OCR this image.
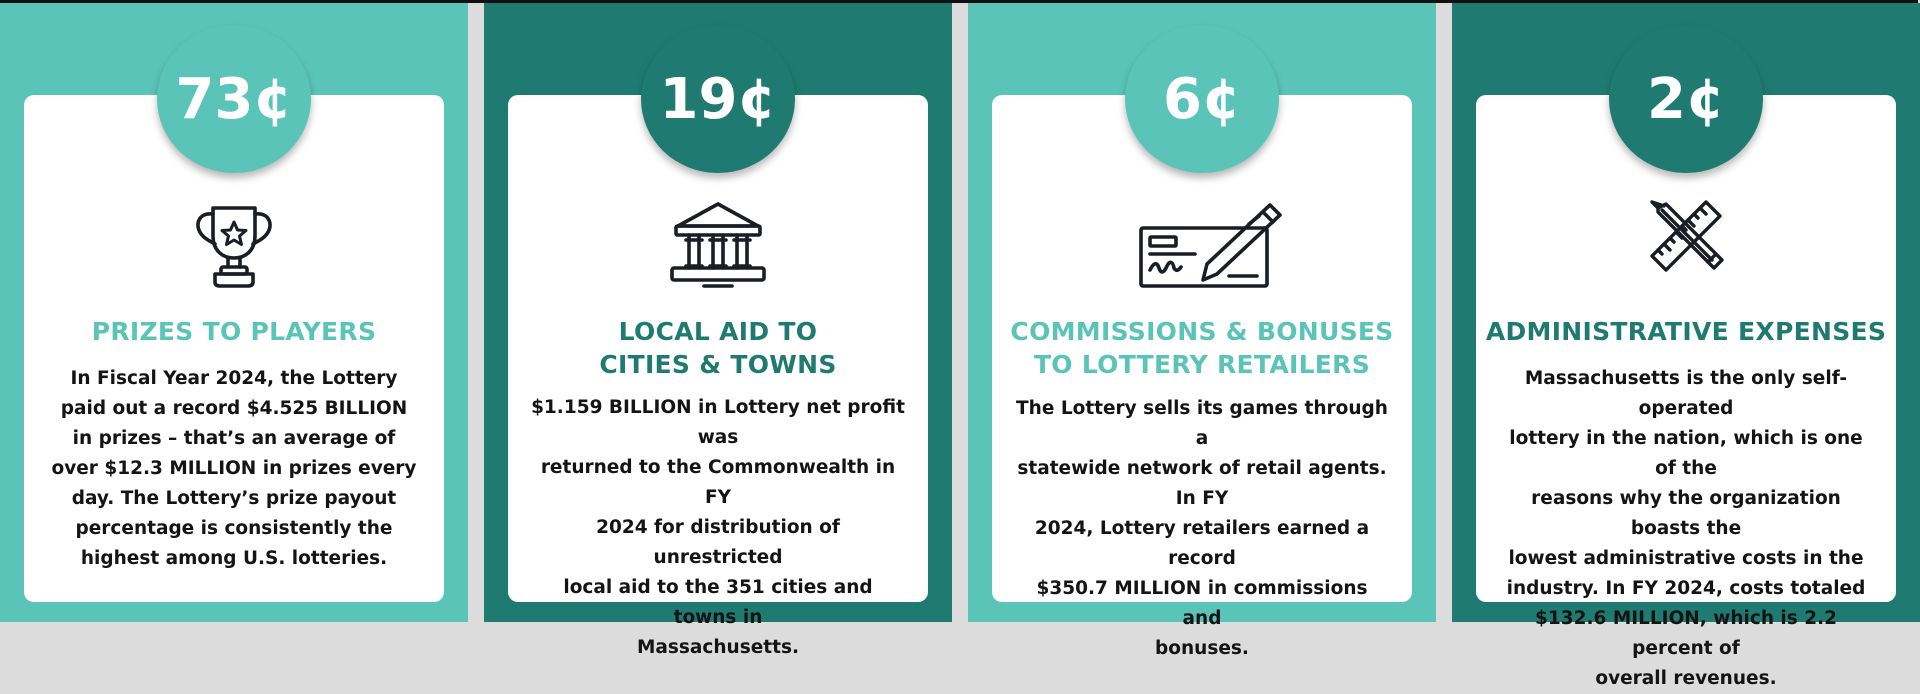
73¢
PRIZES TO PLAYERS
In Fiscal Year 2024, the Lottery
paid out a record $4.525 BILLION
in prizes – that’s an average of
over $12.3 MILLION in prizes every
day. The Lottery’s prize payout
percentage is consistently the
highest among U.S. lotteries.
19¢
LOCAL AID TO
CITIES & TOWNS
$1.159 BILLION in Lottery net profit was
returned to the Commonwealth in FY
2024 for distribution of unrestricted
local aid to the 351 cities and towns in
Massachusetts.
6¢
COMMISSIONS & BONUSES
TO LOTTERY RETAILERS
The Lottery sells its games through a
statewide network of retail agents. In FY
2024, Lottery retailers earned a record
$350.7 MILLION in commissions and
bonuses.
2¢
ADMINISTRATIVE EXPENSES
Massachusetts is the only self-operated
lottery in the nation, which is one of the
reasons why the organization boasts the
lowest administrative costs in the
industry. In FY 2024, costs totaled
$132.6 MILLION, which is 2.2 percent of
overall revenues.
